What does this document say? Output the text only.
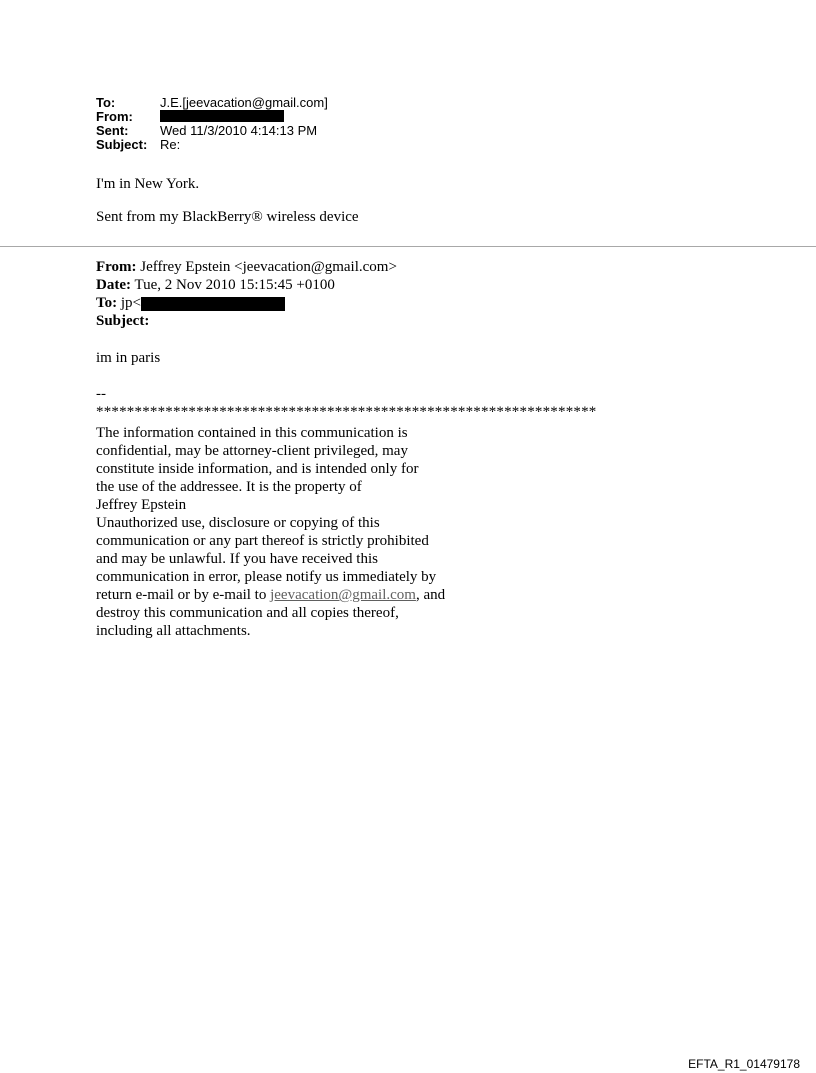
To:	J.E.[jeevacation@gmail.com]
From:
Sent:	Wed 11/3/2010 4:14:13 PM
Subject: Re:
I'm in New York.
Sent from my BlackBerry® wireless device
From: Jeffrey Epstein <jeevacation@gmail.com>
Date: Tue, 2 Nov 2010 15:15:45 +0100
To: jp<
Subject:
im in paris
--
*****************************************************************
The information contained in this communication is
confidential, may be attorney-client privileged, may
constitute inside information, and is intended only for
the use of the addressee. It is the property of
Jeffrey Epstein
Unauthorized use, disclosure or copying of this
communication or any part thereof is strictly prohibited
and may be unlawful. If you have received this
communication in error, please notify us immediately by
return e-mail or by e-mail to jeevacation@gmail.com, and
destroy this communication and all copies thereof,
including all attachments.
EFTA_R1_01479178
